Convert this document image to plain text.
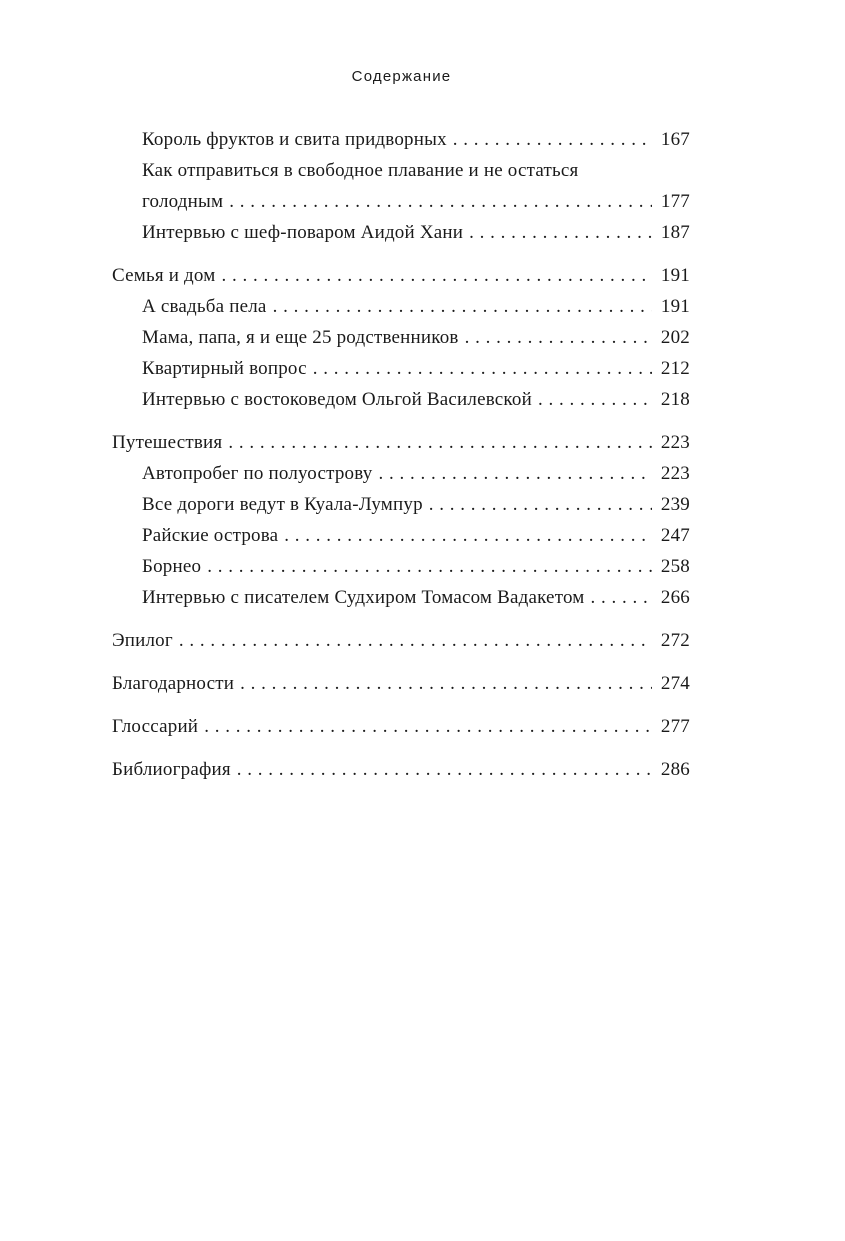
Содержание
Король фруктов и свита придворных . . .	167
Как отправиться в свободное плавание и не остаться
голодным . . .	177
Интервью с шеф-поваром Аидой Хани . . .	187
Семья и дом . . .	191
А свадьба пела . . .	191
Мама, папа, я и еще 25 родственников . . .	202
Квартирный вопрос . . .	212
Интервью с востоковедом Ольгой Василевской . . .	218
Путешествия . . .	223
Автопробег по полуострову . . .	223
Все дороги ведут в Куала-Лумпур . . .	239
Райские острова . . .	247
Борнео . . .	258
Интервью с писателем Судхиром Томасом Вадакетом . . .	266
Эпилог . . .	272
Благодарности . . .	274
Глоссарий . . .	277
Библиография . . .	286
